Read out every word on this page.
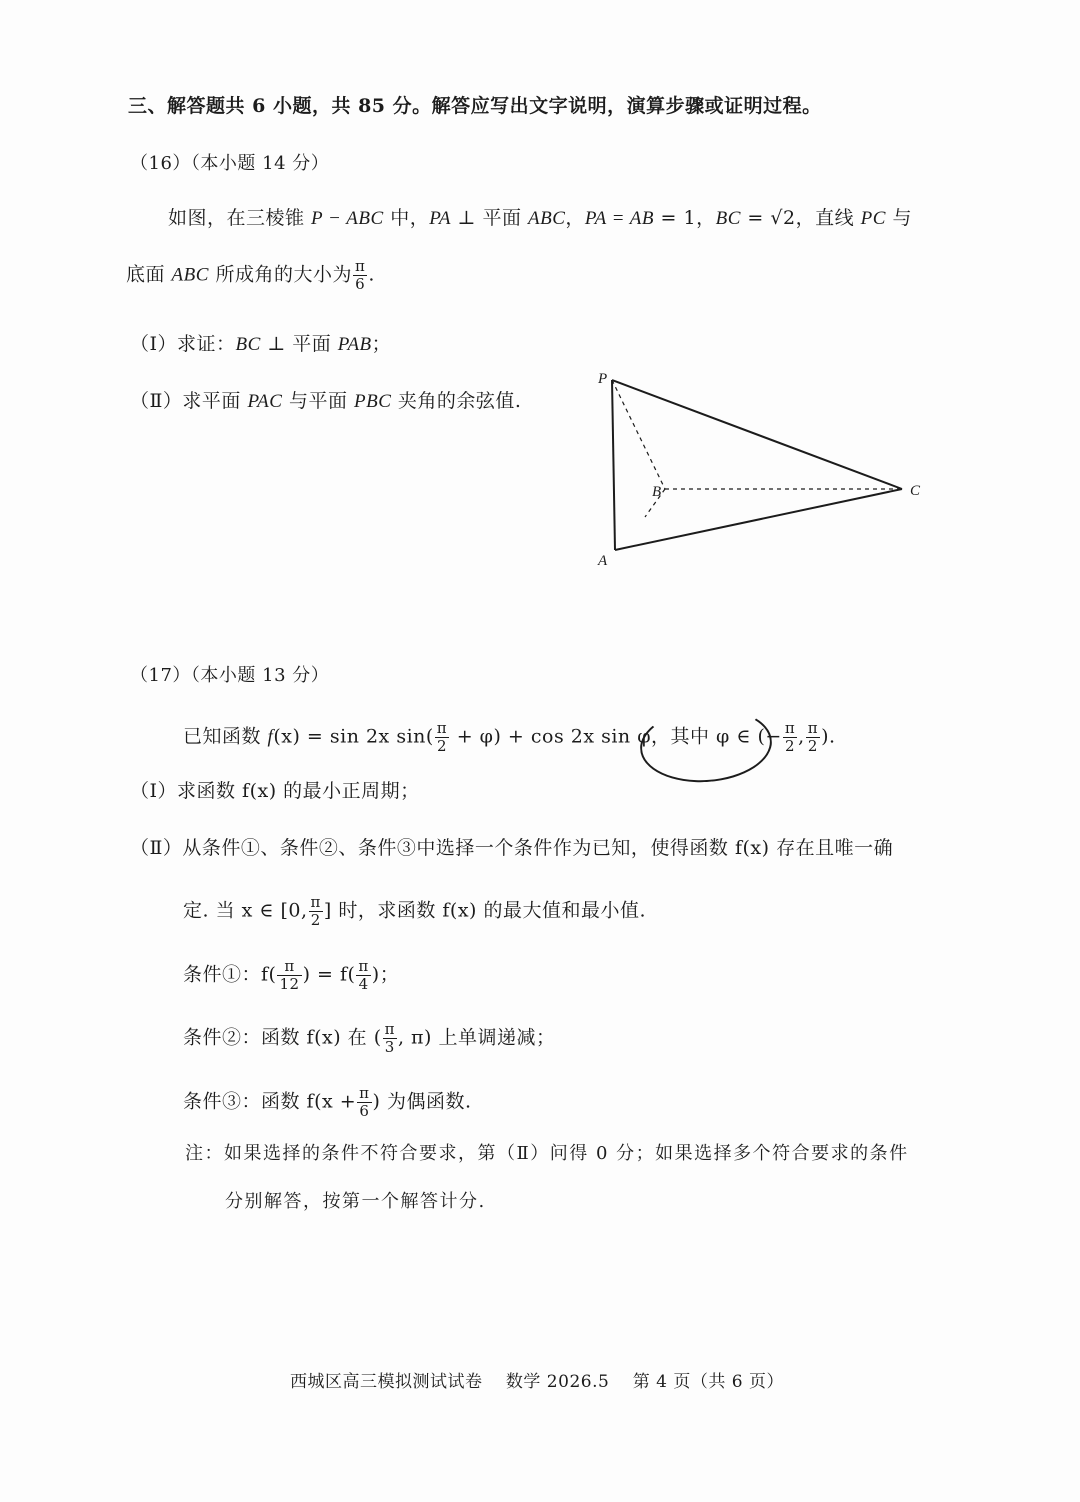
三、解答题共 6 小题，共 85 分。解答应写出文字说明，演算步骤或证明过程。
（16）（本小题 14 分）
如图，在三棱锥 P − ABC 中，PA ⊥ 平面 ABC，PA = AB = 1，BC = √2，直线 PC 与
底面 ABC 所成角的大小为 $\frac{\pi}{6}$ .
（Ⅰ）求证：BC ⊥ 平面 PAB；
（Ⅱ）求平面 PAC 与平面 PBC 夹角的余弦值.
P
A
B	C
（17）（本小题 13 分）
已知函数 f(x) = sin 2x $\sin( \frac{\pi}{2} + \varphi) + \cos 2x$ sin φ，其中 φ ∈ (− $\frac{\pi}{2}$ , $\frac{\pi}{2}$ ).
（Ⅰ）求函数 f(x) 的最小正周期；
（Ⅱ）从条件①、条件②、条件③中选择一个条件作为已知，使得函数 f(x) 存在且唯一确
定. 当 x ∈ [0, $\frac{\pi}{2}$ ] 时，求函数 f(x) 的最大值和最小值.
条件①：$f( \frac{\pi}{12}$ ) = $f( \frac{\pi}{4}$ )；
条件②：函数 f(x) 在 ( $\frac{\pi}{3}$ , π) 上单调递减；
条件③：函数 $f(x + \frac{\pi}{6}$ ) 为偶函数.
注：如果选择的条件不符合要求，第（Ⅱ）问得 0 分；如果选择多个符合要求的条件
分别解答，按第一个解答计分.
西城区高三模拟测试试卷　 数学 2026.5　 第 4 页（共 6 页）
